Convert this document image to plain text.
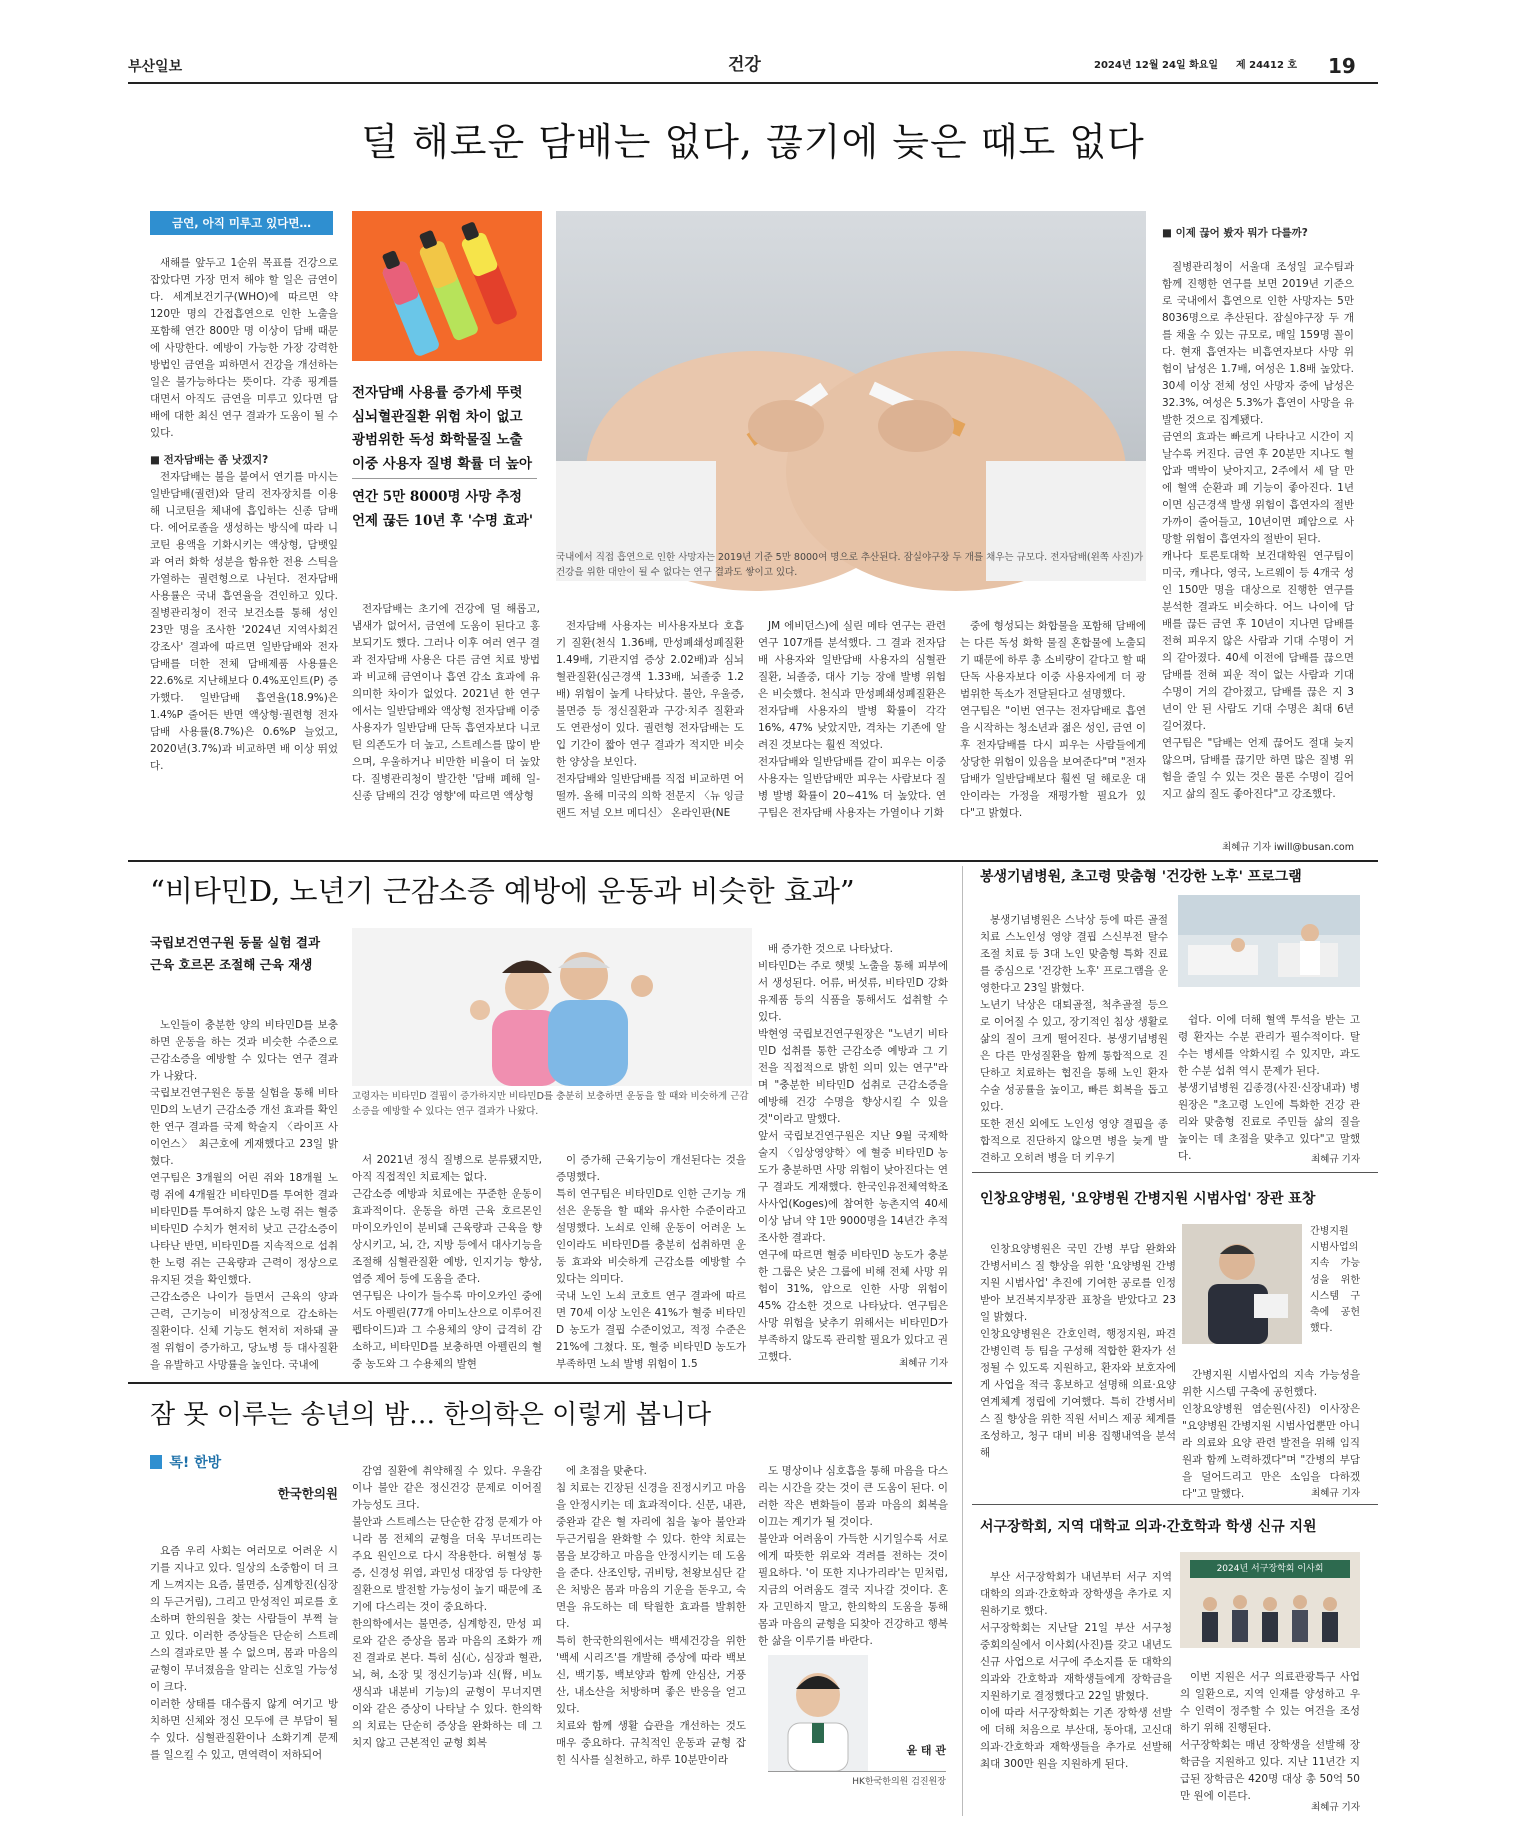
부산일보	건강	2024년 12월 24일 화요일 제 24412 호 19
덜 해로운 담배는 없다, 끊기에 늦은 때도 없다
금연, 아직 미루고 있다면…

새해를 앞두고 1순위 목표를 건강으로 잡았다면 가장 먼저 해야 할 일은 금연이다. 세계보건기구(WHO)에 따르면 약 120만 명의 간접흡연으로 인한 노출을 포함해 연간 800만 명 이상이 담배 때문에 사망한다. 예방이 가능한 가장 강력한 방법인 금연을 피하면서 건강을 개선하는 일은 불가능하다는 뜻이다. 각종 핑계를 대면서 아직도 금연을 미루고 있다면 담배에 대한 최신 연구 결과가 도움이 될 수 있다.

■ 전자담배는 좀 낫겠지?

전자담배는 불을 붙여서 연기를 마시는 일반담배(궐련)와 달리 전자장치를 이용해 니코틴을 체내에 흡입하는 신종 담배다. 에어로졸을 생성하는 방식에 따라 니코틴 용액을 기화시키는 액상형, 담뱃잎과 여러 화학 성분을 함유한 전용 스틱을 가열하는 궐련형으로 나뉜다. 전자담배 사용률은 국내 흡연율을 견인하고 있다. 질병관리청이 전국 보건소를 통해 성인 23만 명을 조사한 '2024년 지역사회건강조사' 결과에 따르면 일반담배와 전자담배를 더한 전체 담배제품 사용률은 22.6%로 지난해보다 0.4%포인트(P) 증가했다. 일반담배 흡연율(18.9%)은 1.4%P 줄어든 반면 액상형·궐련형 전자담배 사용률(8.7%)은 0.6%P 늘었고, 2020년(3.7%)과 비교하면 배 이상 뛰었다.

전자담배 사용률 증가세 뚜렷
심뇌혈관질환 위험 차이 없고
광범위한 독성 화학물질 노출
이중 사용자 질병 확률 더 높아
연간 5만 8000명 사망 추정
언제 끊든 10년 후 '수명 효과'
국내에서 직접 흡연으로 인한 사망자는 2019년 기준 5만 8000여 명으로 추산된다. 잠실야구장 두 개를 채우는 규모다. 전자담배(왼쪽 사진)가 건강을 위한 대안이 될 수 없다는 연구 결과도 쌓이고 있다.

전자담배는 초기에 건강에 덜 해롭고, 냄새가 없어서, 금연에 도움이 된다고 홍보되기도 했다. 그러나 이후 여러 연구 결과 전자담배 사용은 다른 금연 치료 방법과 비교해 금연이나 흡연 감소 효과에 유의미한 차이가 없었다. 2021년 한 연구에서는 일반담배와 액상형 전자담배 이중 사용자가 일반담배 단독 흡연자보다 니코틴 의존도가 더 높고, 스트레스를 많이 받으며, 우울하거나 비만한 비율이 더 높았다. 질병관리청이 발간한 '담배 폐해 일-신종 담배의 건강 영향'에 따르면 액상형

전자담배 사용자는 비사용자보다 호흡기 질환(천식 1.36배, 만성폐쇄성폐질환 1.49배, 기관지염 증상 2.02배)과 심뇌혈관질환(심근경색 1.33배, 뇌졸중 1.2배) 위험이 높게 나타났다. 불안, 우울증, 불면증 등 정신질환과 구강·치주 질환과도 연관성이 있다. 궐련형 전자담배는 도입 기간이 짧아 연구 결과가 적지만 비슷한 양상을 보인다.
전자담배와 일반담배를 직접 비교하면 어떨까. 올해 미국의 의학 전문지 〈뉴 잉글랜드 저널 오브 메디신〉 온라인판(NE

JM 에비던스)에 실린 메타 연구는 관련 연구 107개를 분석했다. 그 결과 전자담배 사용자와 일반담배 사용자의 심혈관 질환, 뇌졸중, 대사 기능 장애 발병 위험은 비슷했다. 천식과 만성폐쇄성폐질환은 전자담배 사용자의 발병 확률이 각각 16%, 47% 낮았지만, 격차는 기존에 알려진 것보다는 훨씬 적었다.
전자담배와 일반담배를 같이 피우는 이중 사용자는 일반담배만 피우는 사람보다 질병 발병 확률이 20~41% 더 높았다. 연구팀은 전자담배 사용자는 가열이나 기화

중에 형성되는 화합물을 포함해 담배에는 다른 독성 화학 물질 혼합물에 노출되기 때문에 하루 총 소비량이 같다고 할 때 단독 사용자보다 이중 사용자에게 더 광범위한 독소가 전달된다고 설명했다.
연구팀은 "이번 연구는 전자담배로 흡연을 시작하는 청소년과 젊은 성인, 금연 이후 전자담배를 다시 피우는 사람들에게 상당한 위험이 있음을 보여준다"며 "전자담배가 일반담배보다 훨씬 덜 해로운 대안이라는 가정을 재평가할 필요가 있다"고 밝혔다.

■ 이제 끊어 봤자 뭐가 다를까?

질병관리청이 서울대 조성일 교수팀과 함께 진행한 연구를 보면 2019년 기준으로 국내에서 흡연으로 인한 사망자는 5만 8036명으로 추산된다. 잠실야구장 두 개를 채울 수 있는 규모로, 매일 159명 꼴이다. 현재 흡연자는 비흡연자보다 사망 위험이 남성은 1.7배, 여성은 1.8배 높았다. 30세 이상 전체 성인 사망자 중에 남성은 32.3%, 여성은 5.3%가 흡연이 사망을 유발한 것으로 집계됐다.
금연의 효과는 빠르게 나타나고 시간이 지날수록 커진다. 금연 후 20분만 지나도 혈압과 맥박이 낮아지고, 2주에서 세 달 만에 혈액 순환과 폐 기능이 좋아진다. 1년이면 심근경색 발생 위험이 흡연자의 절반 가까이 줄어들고, 10년이면 폐암으로 사망할 위험이 흡연자의 절반이 된다.
캐나다 토론토대학 보건대학원 연구팀이 미국, 캐나다, 영국, 노르웨이 등 4개국 성인 150만 명을 대상으로 진행한 연구를 분석한 결과도 비슷하다. 어느 나이에 담배를 끊든 금연 후 10년이 지나면 담배를 전혀 피우지 않은 사람과 기대 수명이 거의 같아졌다. 40세 이전에 담배를 끊으면 담배를 전혀 피운 적이 없는 사람과 기대 수명이 거의 같아졌고, 담배를 끊은 지 3년이 안 된 사람도 기대 수명은 최대 6년 길어졌다.
연구팀은 "담배는 언제 끊어도 절대 늦지 않으며, 담배를 끊기만 하면 많은 질병 위험을 줄일 수 있는 것은 물론 수명이 길어지고 삶의 질도 좋아진다"고 강조했다.

최혜규 기자 iwill@busan.com
“비타민D, 노년기 근감소증 예방에 운동과 비슷한 효과”
국립보건연구원 동물 실험 결과
근육 호르몬 조절해 근육 재생
고령자는 비타민D 결핍이 증가하지만 비타민D를 충분히 보충하면 운동을 할 때와 비슷하게 근감소증을 예방할 수 있다는 연구 결과가 나왔다.

노인들이 충분한 양의 비타민D를 보충하면 운동을 하는 것과 비슷한 수준으로 근감소증을 예방할 수 있다는 연구 결과가 나왔다.
국립보건연구원은 동물 실험을 통해 비타민D의 노년기 근감소증 개선 효과를 확인한 연구 결과를 국제 학술지 〈라이프 사이언스〉 최근호에 게재했다고 23일 밝혔다.
연구팀은 3개월의 어린 쥐와 18개월 노령 쥐에 4개월간 비타민D를 투여한 결과 비타민D를 투여하지 않은 노령 쥐는 혈중 비타민D 수치가 현저히 낮고 근감소증이 나타난 반면, 비타민D를 지속적으로 섭취한 노령 쥐는 근육량과 근력이 정상으로 유지된 것을 확인했다.
근감소증은 나이가 들면서 근육의 양과 근력, 근기능이 비정상적으로 감소하는 질환이다. 신체 기능도 현저히 저하돼 골절 위험이 증가하고, 당뇨병 등 대사질환을 유발하고 사망률을 높인다. 국내에

서 2021년 정식 질병으로 분류됐지만, 아직 직접적인 치료제는 없다.
근감소증 예방과 치료에는 꾸준한 운동이 효과적이다. 운동을 하면 근육 호르몬인 마이오카인이 분비돼 근육량과 근육을 향상시키고, 뇌, 간, 지방 등에서 대사기능을 조절해 심혈관질환 예방, 인지기능 향상, 염증 제어 등에 도움을 준다.
연구팀은 나이가 들수록 마이오카인 중에서도 아펠린(77개 아미노산으로 이루어진 펩타이드)과 그 수용체의 양이 급격히 감소하고, 비타민D를 보충하면 아펠린의 혈중 농도와 그 수용체의 발현

이 증가해 근육기능이 개선된다는 것을 증명했다.
특히 연구팀은 비타민D로 인한 근기능 개선은 운동을 할 때와 유사한 수준이라고 설명했다. 노쇠로 인해 운동이 어려운 노인이라도 비타민D를 충분히 섭취하면 운동 효과와 비슷하게 근감소를 예방할 수 있다는 의미다.
국내 노인 노쇠 코호트 연구 결과에 따르면 70세 이상 노인은 41%가 혈중 비타민D 농도가 결핍 수준이었고, 적정 수준은 21%에 그쳤다. 또, 혈중 비타민D 농도가 부족하면 노쇠 발병 위험이 1.5

배 증가한 것으로 나타났다.
비타민D는 주로 햇빛 노출을 통해 피부에서 생성된다. 어류, 버섯류, 비타민D 강화 유제품 등의 식품을 통해서도 섭취할 수 있다.
박현영 국립보건연구원장은 "노년기 비타민D 섭취를 통한 근감소증 예방과 그 기전을 직접적으로 밝힌 의미 있는 연구"라며 "충분한 비타민D 섭취로 근감소증을 예방해 건강 수명을 향상시킬 수 있을 것"이라고 말했다.
앞서 국립보건연구원은 지난 9월 국제학술지 〈임상영양학〉에 혈중 비타민D 농도가 충분하면 사망 위험이 낮아진다는 연구 결과도 게재했다. 한국인유전체역학조사사업(Koges)에 참여한 농촌지역 40세 이상 남녀 약 1만 9000명을 14년간 추적조사한 결과다.
연구에 따르면 혈중 비타민D 농도가 충분한 그룹은 낮은 그룹에 비해 전체 사망 위험이 31%, 암으로 인한 사망 위험이 45% 감소한 것으로 나타났다. 연구팀은 사망 위험을 낮추기 위해서는 비타민D가 부족하지 않도록 관리할 필요가 있다고 권고했다.

최혜규 기자
봉생기념병원, 초고령 맞춤형 '건강한 노후' 프로그램

봉생기념병원은 스낙상 등에 따른 골절 치료 스노인성 영양 결핍 스신부전 탈수 조절 치료 등 3대 노인 맞춤형 특화 진료를 중심으로 '건강한 노후' 프로그램을 운영한다고 23일 밝혔다.
노년기 낙상은 대퇴골절, 척추골절 등으로 이어질 수 있고, 장기적인 침상 생활로 삶의 질이 크게 떨어진다. 봉생기념병원은 다른 만성질환을 함께 통합적으로 진단하고 치료하는 협진을 통해 노인 환자 수술 성공률을 높이고, 빠른 회복을 돕고 있다.
또한 전신 외에도 노인성 영양 결핍을 종합적으로 진단하지 않으면 병을 늦게 발견하고 오히려 병을 더 키우기

쉽다. 이에 더해 혈액 투석을 받는 고령 환자는 수분 관리가 필수적이다. 탈수는 병세를 악화시킬 수 있지만, 과도한 수분 섭취 역시 문제가 된다.
봉생기념병원 김종경(사진·신장내과) 병원장은 "초고령 노인에 특화한 건강 관리와 맞춤형 진료로 주민들 삶의 질을 높이는 데 초점을 맞추고 있다"고 말했다.	최혜규 기자
인창요양병원, '요양병원 간병지원 시범사업' 장관 표창

인창요양병원은 국민 간병 부담 완화와 간병서비스 질 향상을 위한 '요양병원 간병지원 시범사업' 추진에 기여한 공로를 인정받아 보건복지부장관 표창을 받았다고 23일 밝혔다.
인창요양병원은 간호인력, 행정지원, 파견간병인력 등 팀을 구성해 적합한 환자가 선정될 수 있도록 지원하고, 환자와 보호자에게 사업을 적극 홍보하고 설명해 의료·요양 연계체계 정립에 기여했다. 특히 간병서비스 질 향상을 위한 직원 서비스 제공 체계를 조성하고, 청구 대비 비용 집행내역을 분석해

간병지원 시범사업의 지속 가능성을 위한 시스템 구축에 공헌했다.

간병지원 시범사업의 지속 가능성을 위한 시스템 구축에 공헌했다.
인창요양병원 염순원(사진) 이사장은 "요양병원 간병지원 시범사업뿐만 아니라 의료와 요양 관련 발전을 위해 임직원과 함께 노력하겠다"며 "간병의 부담을 덜어드리고 만은 소임을 다하겠다"고 말했다.	최혜규 기자
서구장학회, 지역 대학교 의과·간호학과 학생 신규 지원
2024년 서구장학회 이사회

부산 서구장학회가 내년부터 서구 지역 대학의 의과·간호학과 장학생을 추가로 지원하기로 했다.
서구장학회는 지난달 21일 부산 서구청 중회의실에서 이사회(사진)를 갖고 내년도 신규 사업으로 서구에 주소지를 둔 대학의 의과와 간호학과 재학생들에게 장학금을 지원하기로 결정했다고 22일 밝혔다.
이에 따라 서구장학회는 기존 장학생 선발에 더해 처음으로 부산대, 동아대, 고신대 의과·간호학과 재학생들을 추가로 선발해 최대 300만 원을 지원하게 된다.

이번 지원은 서구 의료관광특구 사업의 일환으로, 지역 인재를 양성하고 우수 인력이 정주할 수 있는 여건을 조성하기 위해 진행된다.
서구장학회는 매년 장학생을 선발해 장학금을 지원하고 있다. 지난 11년간 지급된 장학금은 420명 대상 총 50억 50만 원에 이른다.

최혜규 기자
잠 못 이루는 송년의 밤… 한의학은 이렇게 봅니다
톡! 한방
한국한의원

요즘 우리 사회는 여러모로 어려운 시기를 지나고 있다. 일상의 소중함이 더 크게 느껴지는 요즘, 불면증, 심계항진(심장의 두근거림), 그리고 만성적인 피로를 호소하며 한의원을 찾는 사람들이 부쩍 늘고 있다. 이러한 증상들은 단순히 스트레스의 결과로만 볼 수 없으며, 몸과 마음의 균형이 무너졌음을 알리는 신호일 가능성이 크다.
이러한 상태를 대수롭지 않게 여기고 방치하면 신체와 정신 모두에 큰 부담이 될 수 있다. 심혈관질환이나 소화기계 문제를 일으킬 수 있고, 면역력이 저하되어

감염 질환에 취약해질 수 있다. 우울감이나 불안 같은 정신건강 문제로 이어질 가능성도 크다.
불안과 스트레스는 단순한 감정 문제가 아니라 몸 전체의 균형을 더욱 무너뜨리는 주요 원인으로 다시 작용한다. 허혈성 통증, 신경성 위염, 과민성 대장염 등 다양한 질환으로 발전할 가능성이 높기 때문에 조기에 다스리는 것이 중요하다.
한의학에서는 불면증, 심계항진, 만성 피로와 같은 증상을 몸과 마음의 조화가 깨진 결과로 본다. 특히 심(心, 심장과 혈관, 뇌, 혀, 소장 및 정신기능)과 신(腎, 비뇨생식과 내분비 기능)의 균형이 무너지면 이와 같은 증상이 나타날 수 있다. 한의학의 치료는 단순히 증상을 완화하는 데 그치지 않고 근본적인 균형 회복

에 초점을 맞춘다.
침 치료는 긴장된 신경을 진정시키고 마음을 안정시키는 데 효과적이다. 신문, 내관, 중완과 같은 혈 자리에 침을 놓아 불안과 두근거림을 완화할 수 있다. 한약 치료는 몸을 보강하고 마음을 안정시키는 데 도움을 준다. 산조인탕, 귀비탕, 천왕보심단 같은 처방은 몸과 마음의 기운을 돋우고, 숙면을 유도하는 데 탁월한 효과를 발휘한다.
특히 한국한의원에서는 백세건강을 위한 '백세 시리즈'를 개발해 증상에 따라 백보신, 백기통, 백보양과 함께 안심산, 거풍산, 내소산을 처방하며 좋은 반응을 얻고 있다.
치료와 함께 생활 습관을 개선하는 것도 매우 중요하다. 규칙적인 운동과 균형 잡힌 식사를 실천하고, 하루 10분만이라

도 명상이나 심호흡을 통해 마음을 다스리는 시간을 갖는 것이 큰 도움이 된다. 이러한 작은 변화들이 몸과 마음의 회복을 이끄는 계기가 될 것이다.
불안과 어려움이 가득한 시기일수록 서로에게 따뜻한 위로와 격려를 전하는 것이 필요하다. '이 또한 지나가리라'는 믿처럼, 지금의 어려움도 결국 지나갈 것이다. 혼자 고민하지 말고, 한의학의 도움을 통해 몸과 마음의 균형을 되찾아 건강하고 행복한 삶을 이루기를 바란다.

윤 태 관
HK한국한의원 검진원장
